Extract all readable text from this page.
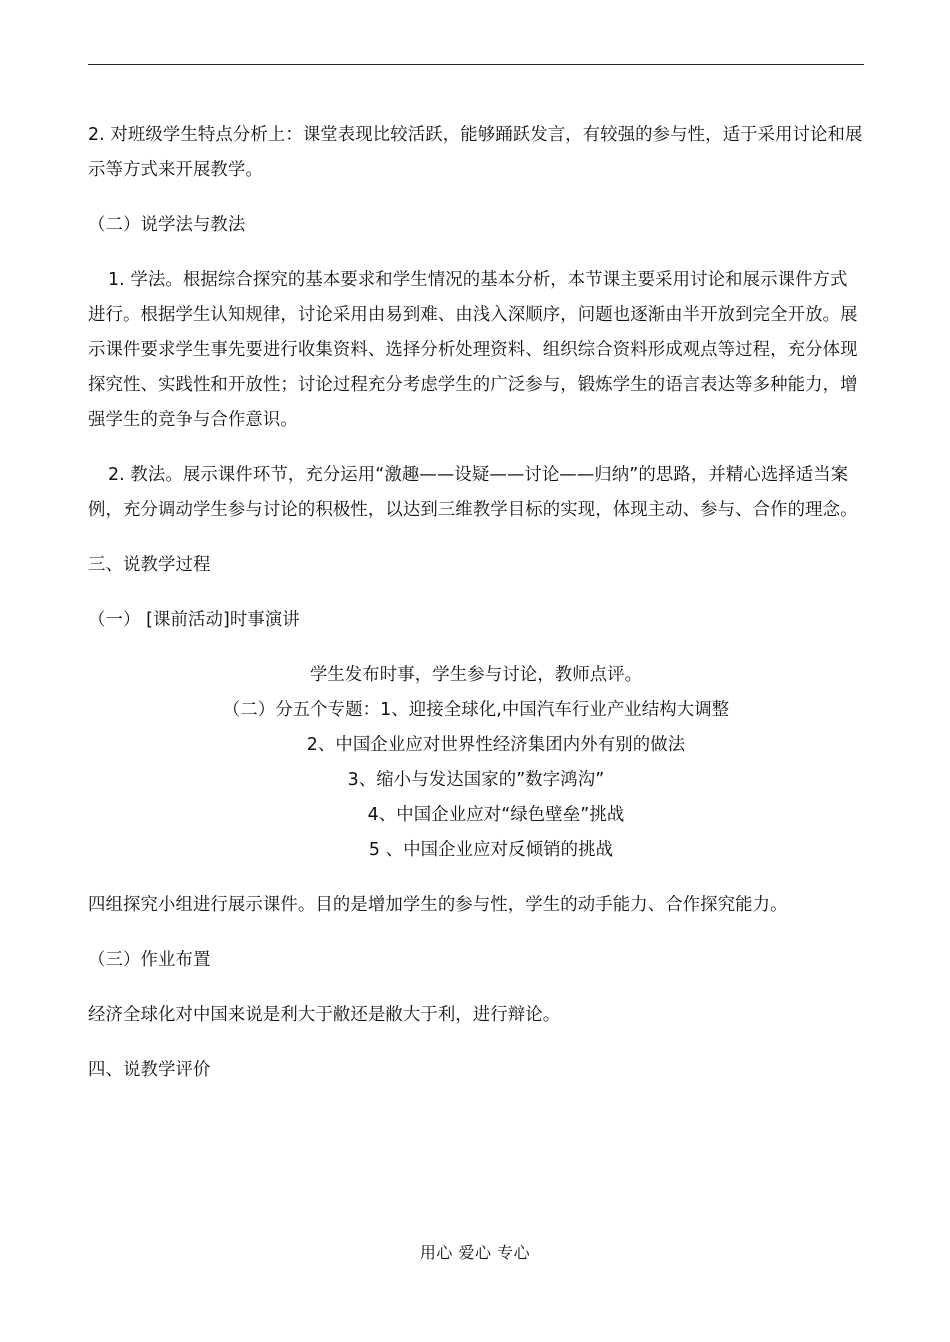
2. 对班级学生特点分析上：课堂表现比较活跃，能够踊跃发言，有较强的参与性，适于采用讨论和展示等方式来开展教学。

（二）说学法与教法

1. 学法。根据综合探究的基本要求和学生情况的基本分析，本节课主要采用讨论和展示课件方式进行。根据学生认知规律，讨论采用由易到难、由浅入深顺序，问题也逐渐由半开放到完全开放。展示课件要求学生事先要进行收集资料、选择分析处理资料、组织综合资料形成观点等过程，充分体现探究性、实践性和开放性；讨论过程充分考虑学生的广泛参与，锻炼学生的语言表达等多种能力，增强学生的竞争与合作意识。

2. 教法。展示课件环节，充分运用“激趣——设疑——讨论——归纳”的思路，并精心选择适当案例，充分调动学生参与讨论的积极性，以达到三维教学目标的实现，体现主动、参与、合作的理念。

三、说教学过程

（一） [课前活动]时事演讲

学生发布时事，学生参与讨论，教师点评。

（二）分五个专题：1、迎接全球化,中国汽车行业产业结构大调整

2、中国企业应对世界性经济集团内外有别的做法

3、缩小与发达国家的”数字鸿沟”

4、中国企业应对“绿色壁垒”挑战

5 、中国企业应对反倾销的挑战

四组探究小组进行展示课件。目的是增加学生的参与性，学生的动手能力、合作探究能力。

（三）作业布置

经济全球化对中国来说是利大于敝还是敝大于利，进行辩论。

四、说教学评价

用心 爱心 专心
